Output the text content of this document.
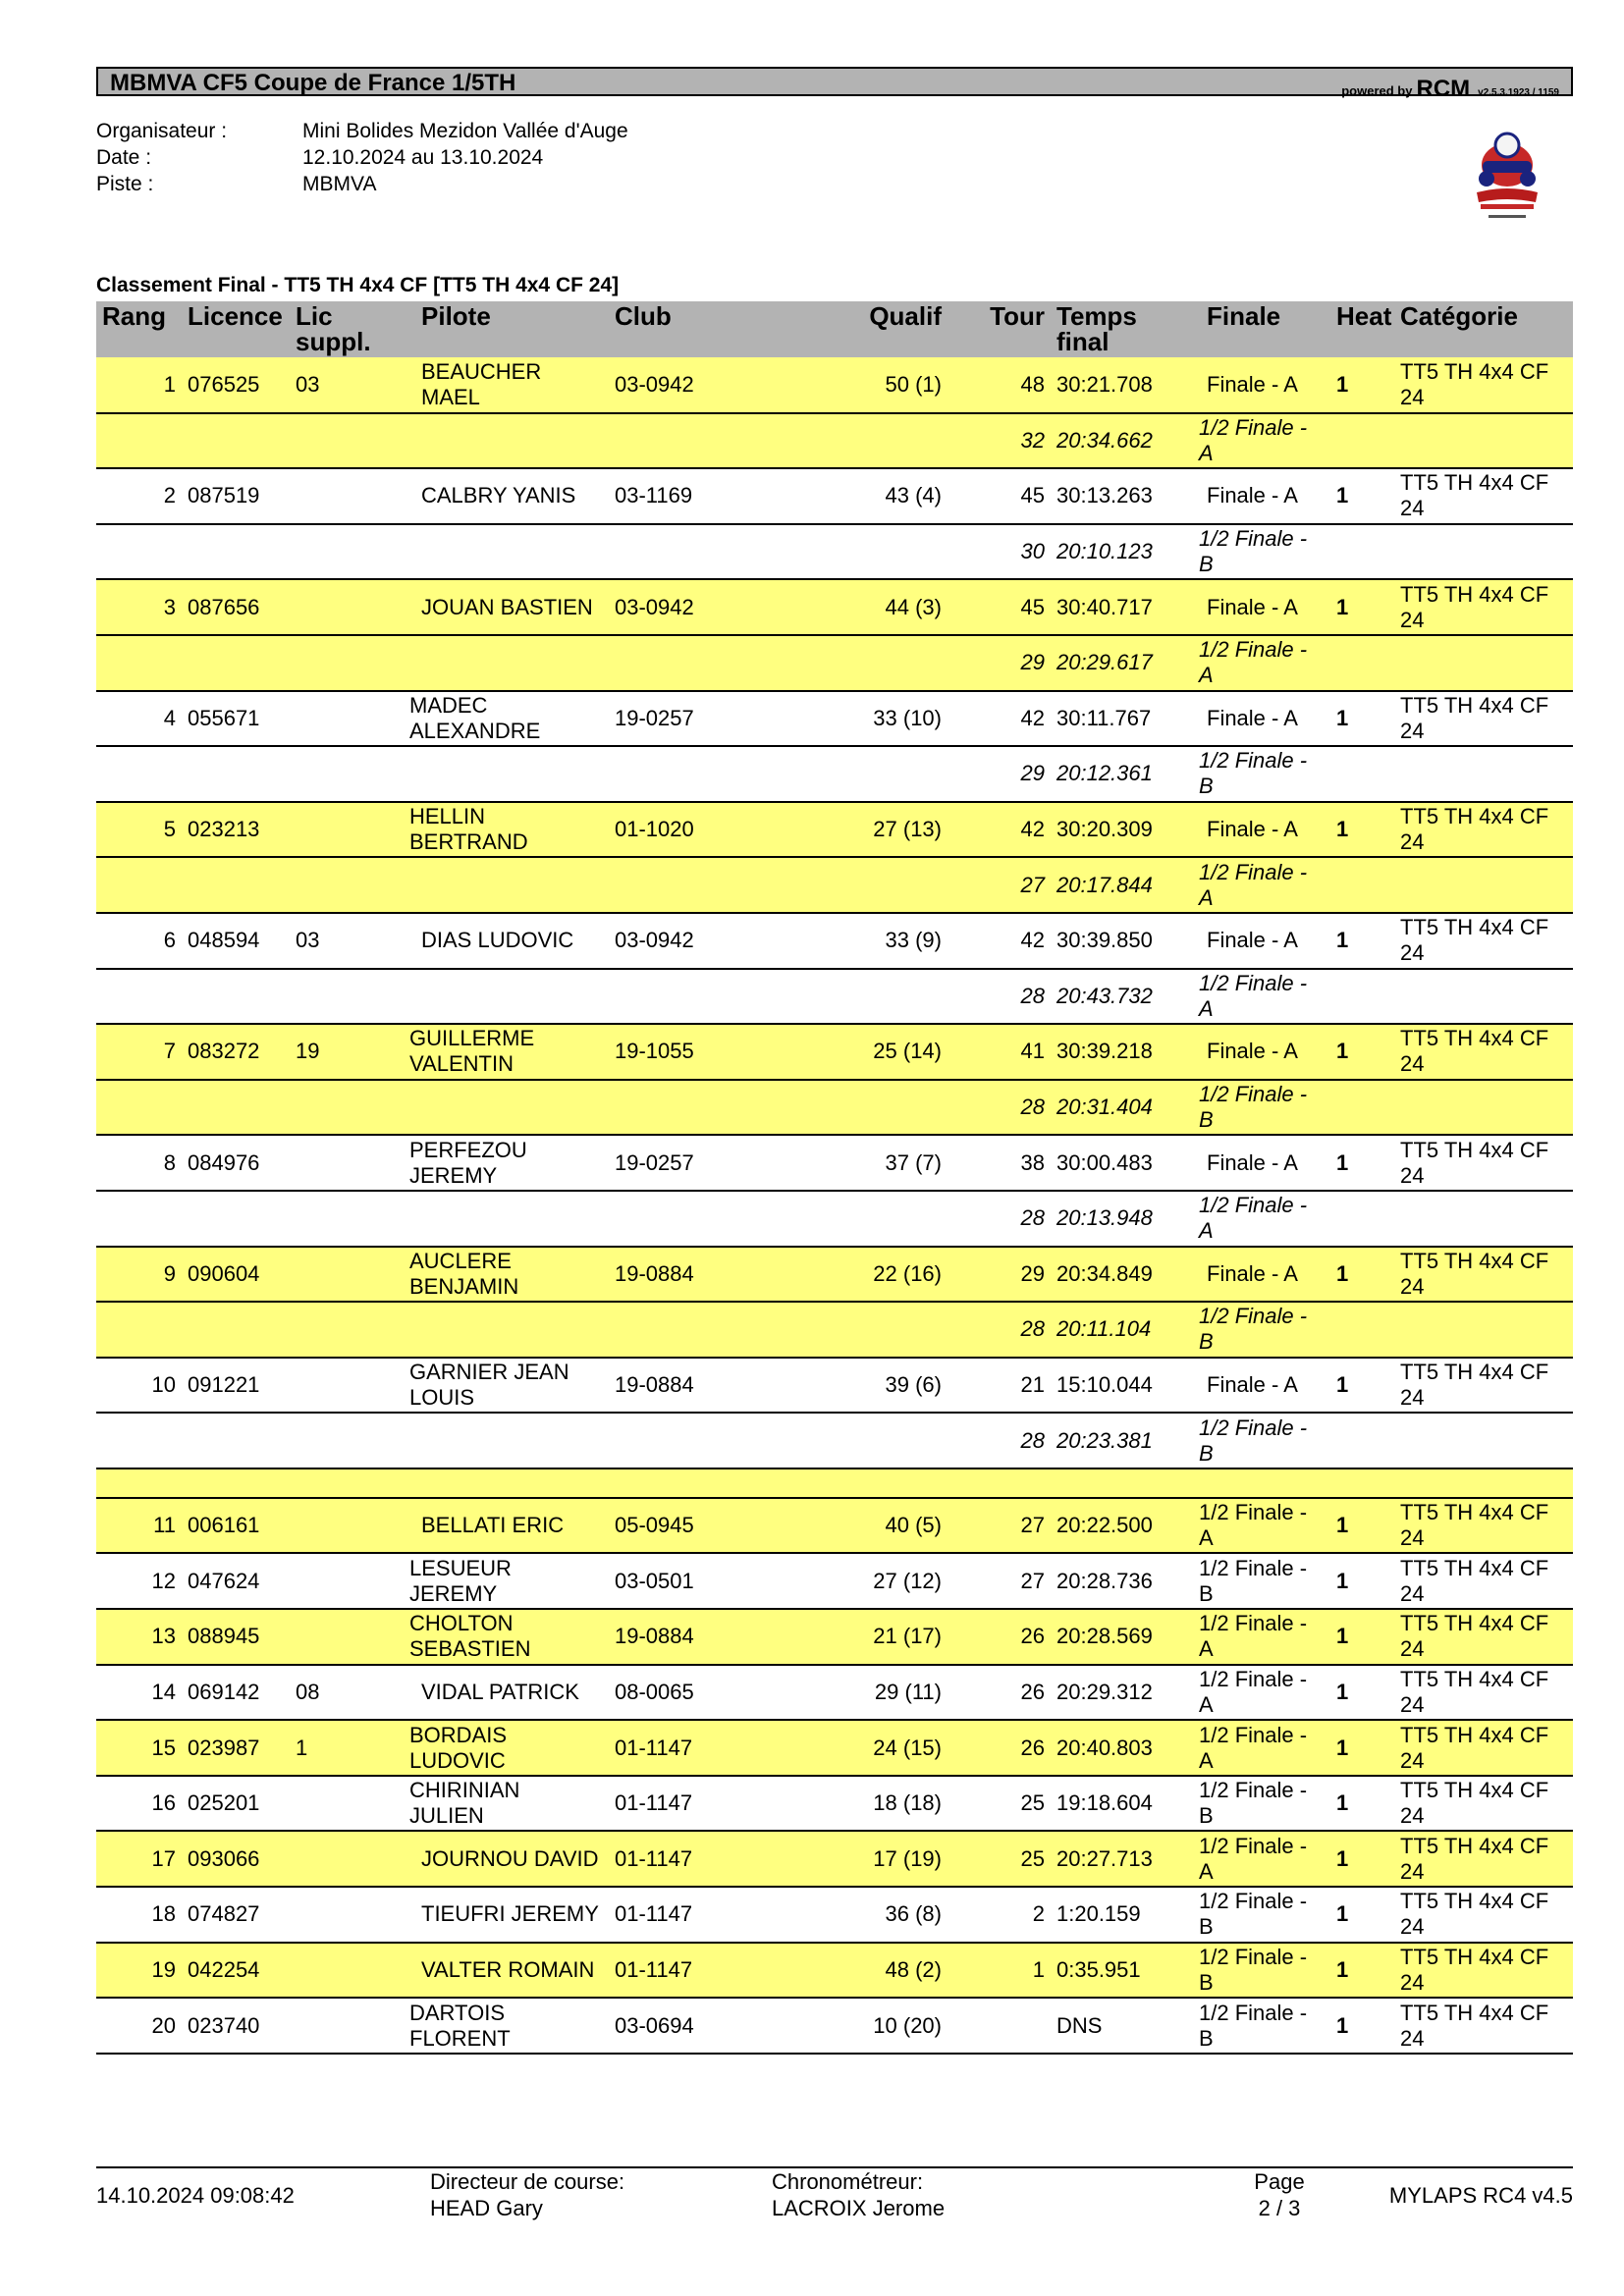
MBMVA CF5 Coupe de France 1/5TH	powered by RCM v2.5.3.1923 / 1159
Organisateur :	Mini Bolides Mezidon Vallée d'Auge
Date :	12.10.2024 au 13.10.2024
Piste :	MBMVA
Classement Final - TT5 TH 4x4 CF [TT5 TH 4x4 CF 24]
Rang	Licence	Lic
suppl.	Pilote	Club	Qualif	Tour	Temps
final	Finale	Heat	Catégorie
1	076525	03	BEAUCHER MAEL	03-0942	50 (1)	48	30:21.708	Finale - A	1	TT5 TH 4x4 CF
24
						32	20:34.662	1/2 Finale -
A		
2	087519		CALBRY YANIS	03-1169	43 (4)	45	30:13.263	Finale - A	1	TT5 TH 4x4 CF
24
						30	20:10.123	1/2 Finale -
B		
3	087656		JOUAN BASTIEN	03-0942	44 (3)	45	30:40.717	Finale - A	1	TT5 TH 4x4 CF
24
						29	20:29.617	1/2 Finale -
A		
4	055671		MADEC
ALEXANDRE	19-0257	33 (10)	42	30:11.767	Finale - A	1	TT5 TH 4x4 CF
24
						29	20:12.361	1/2 Finale -
B		
5	023213		HELLIN
BERTRAND	01-1020	27 (13)	42	30:20.309	Finale - A	1	TT5 TH 4x4 CF
24
						27	20:17.844	1/2 Finale -
A		
6	048594	03	DIAS LUDOVIC	03-0942	33 (9)	42	30:39.850	Finale - A	1	TT5 TH 4x4 CF
24
						28	20:43.732	1/2 Finale -
A		
7	083272	19	GUILLERME
VALENTIN	19-1055	25 (14)	41	30:39.218	Finale - A	1	TT5 TH 4x4 CF
24
						28	20:31.404	1/2 Finale -
B		
8	084976		PERFEZOU
JEREMY	19-0257	37 (7)	38	30:00.483	Finale - A	1	TT5 TH 4x4 CF
24
						28	20:13.948	1/2 Finale -
A		
9	090604		AUCLERE
BENJAMIN	19-0884	22 (16)	29	20:34.849	Finale - A	1	TT5 TH 4x4 CF
24
						28	20:11.104	1/2 Finale -
B		
10	091221		GARNIER JEAN
LOUIS	19-0884	39 (6)	21	15:10.044	Finale - A	1	TT5 TH 4x4 CF
24
						28	20:23.381	1/2 Finale -
B		

11	006161		BELLATI ERIC	05-0945	40 (5)	27	20:22.500	1/2 Finale -
A	1	TT5 TH 4x4 CF
24
12	047624		LESUEUR
JEREMY	03-0501	27 (12)	27	20:28.736	1/2 Finale -
B	1	TT5 TH 4x4 CF
24
13	088945		CHOLTON
SEBASTIEN	19-0884	21 (17)	26	20:28.569	1/2 Finale -
A	1	TT5 TH 4x4 CF
24
14	069142	08	VIDAL PATRICK	08-0065	29 (11)	26	20:29.312	1/2 Finale -
A	1	TT5 TH 4x4 CF
24
15	023987	1	BORDAIS
LUDOVIC	01-1147	24 (15)	26	20:40.803	1/2 Finale -
A	1	TT5 TH 4x4 CF
24
16	025201		CHIRINIAN
JULIEN	01-1147	18 (18)	25	19:18.604	1/2 Finale -
B	1	TT5 TH 4x4 CF
24
17	093066		JOURNOU DAVID	01-1147	17 (19)	25	20:27.713	1/2 Finale -
A	1	TT5 TH 4x4 CF
24
18	074827		TIEUFRI JEREMY	01-1147	36 (8)	2	1:20.159	1/2 Finale -
B	1	TT5 TH 4x4 CF
24
19	042254		VALTER ROMAIN	01-1147	48 (2)	1	0:35.951	1/2 Finale -
B	1	TT5 TH 4x4 CF
24
20	023740		DARTOIS
FLORENT	03-0694	10 (20)		DNS	1/2 Finale -
B	1	TT5 TH 4x4 CF
24
14.10.2024 09:08:42
Directeur de course:
HEAD Gary
Chronométreur:
LACROIX Jerome
Page
2 / 3
MYLAPS RC4 v4.5
